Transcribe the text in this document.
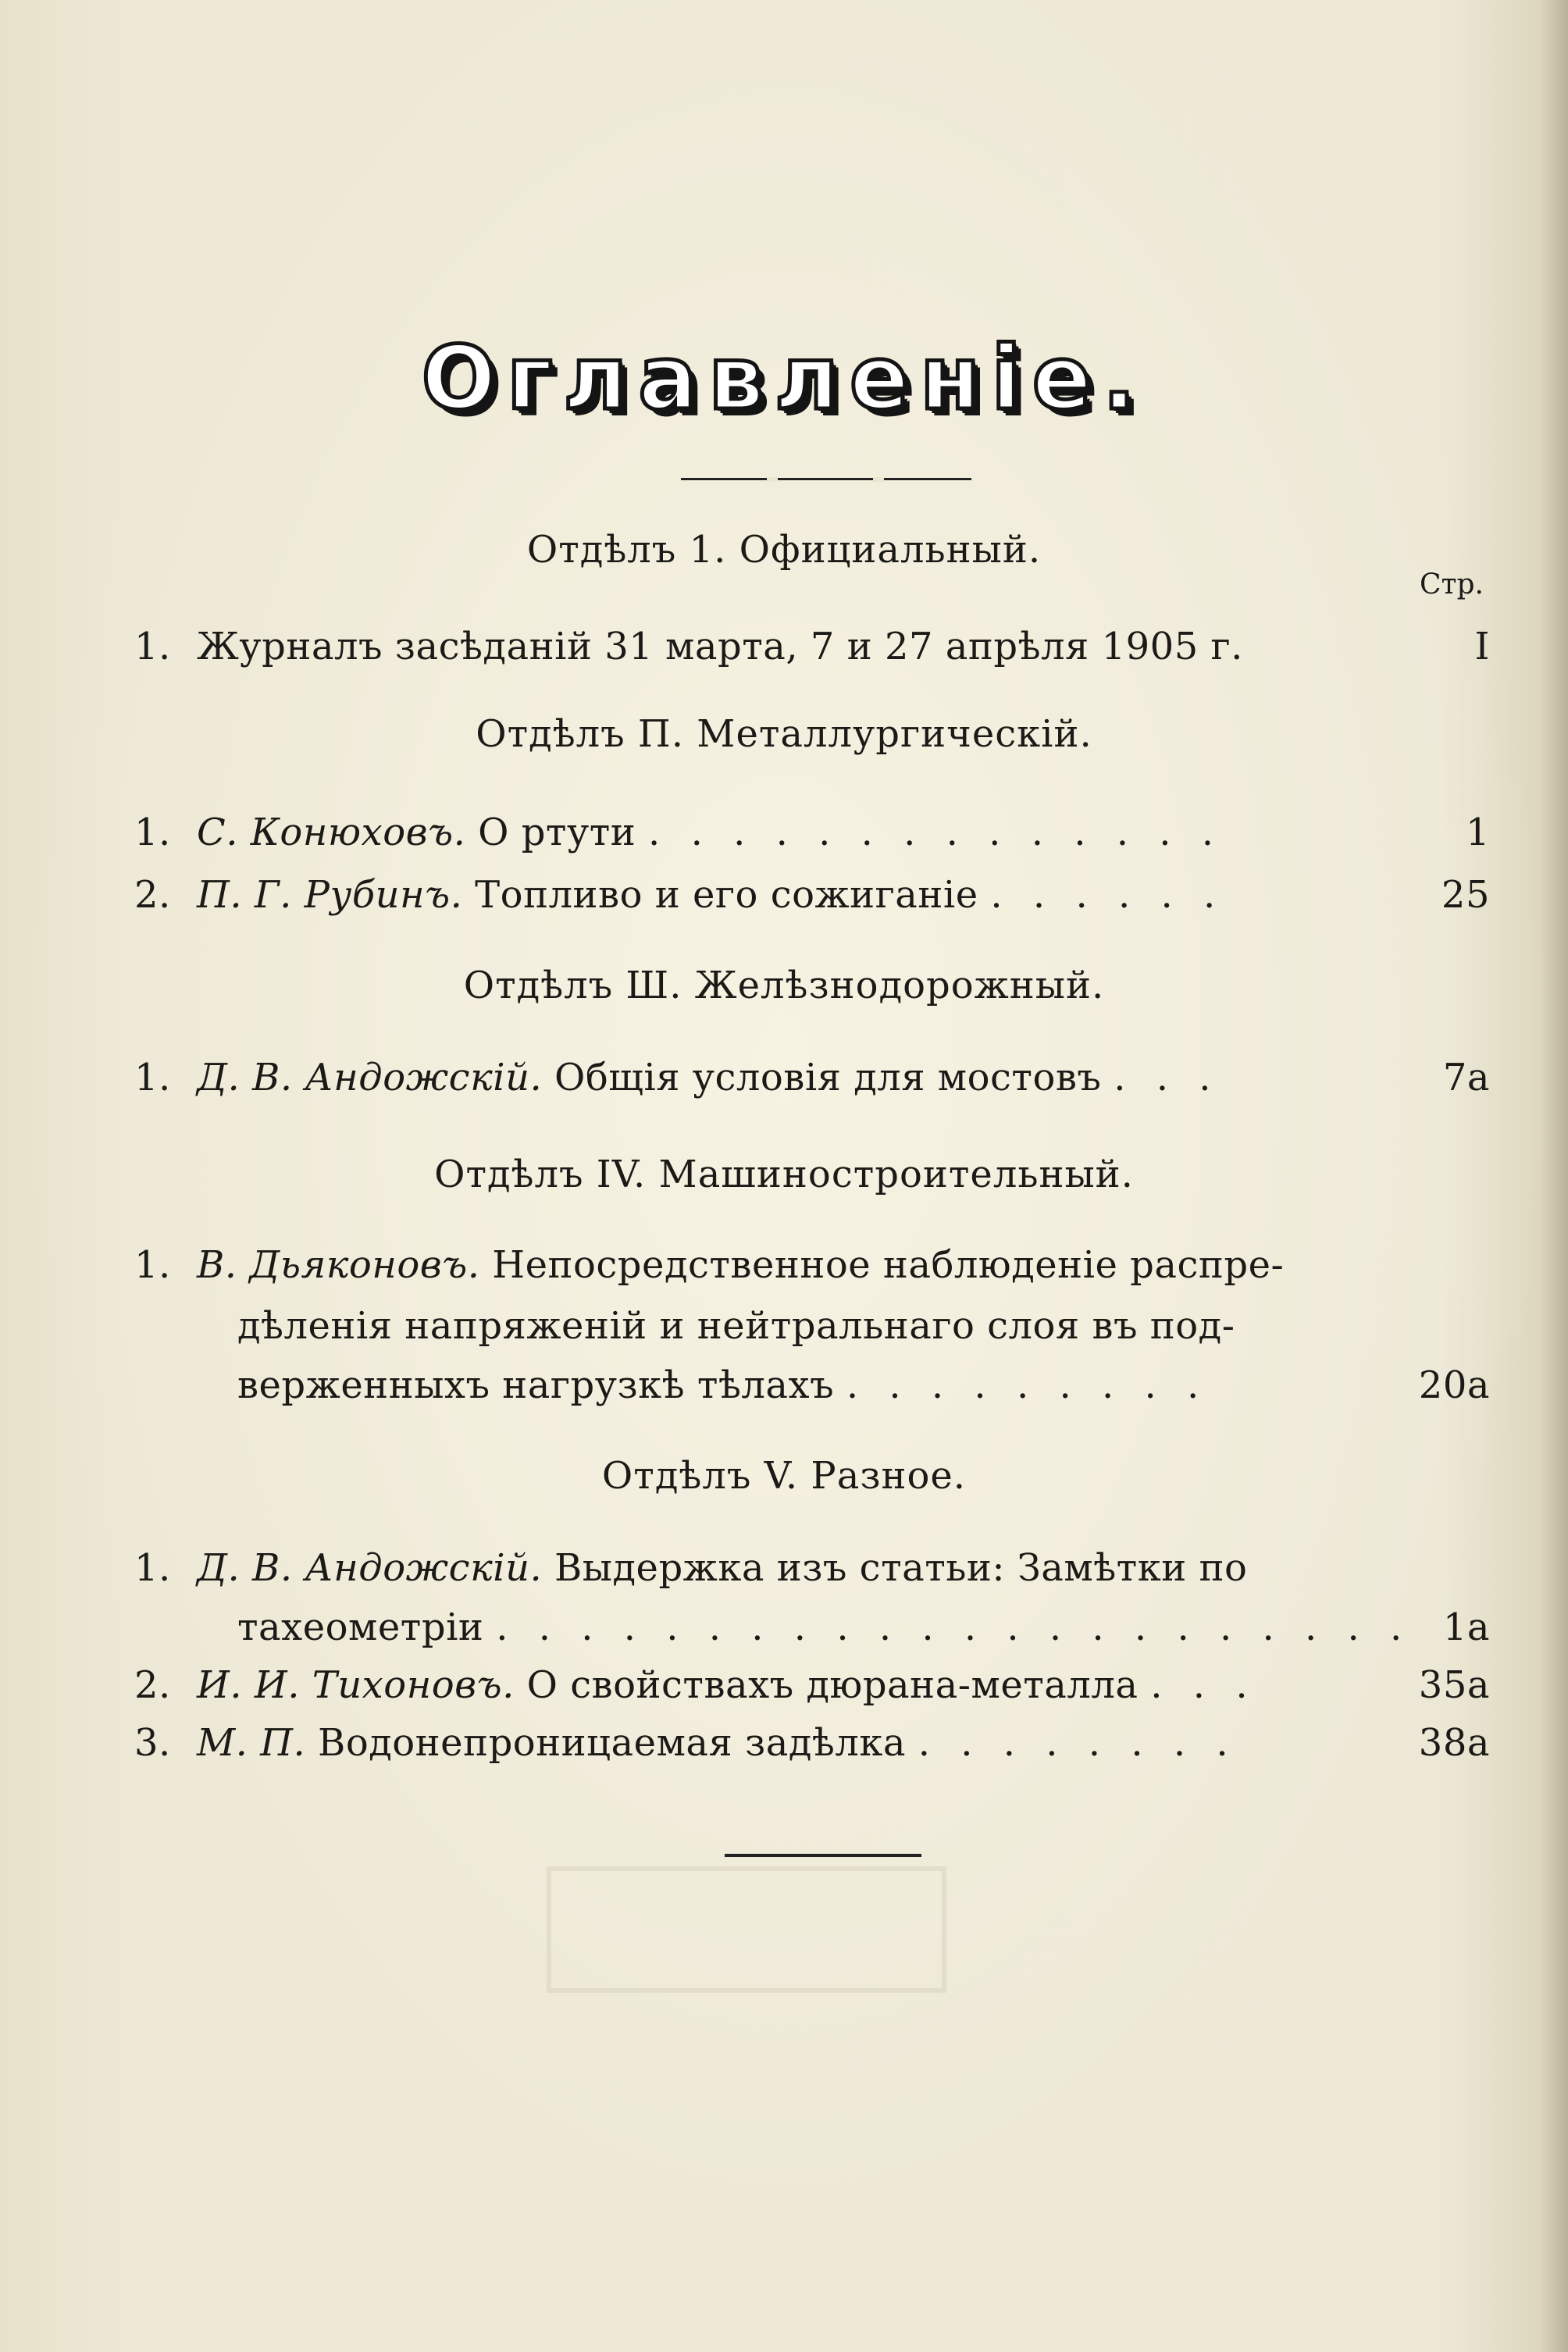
Оглавленіе.
Отдѣлъ 1. Официальный.
Стр.
1. Журналъ засѣданій 31 марта, 7 и 27 апрѣля 1905 г.	I
Отдѣлъ П. Металлургическій.
1. С. Конюховъ. О ртути . . . . . . . . . . . . . .	1
2. П. Г. Рубинъ. Топливо и его сожиганіе . . . . . .	25
Отдѣлъ Ш. Желѣзнодорожный.
1. Д. В. Андожскій. Общія условія для мостовъ . . .	7а
Отдѣлъ IV. Машиностроительный.
1. В. Дьяконовъ. Непосредственное наблюденіе распре-
дѣленія напряженій и нейтральнаго слоя въ под-
верженныхъ нагрузкѣ тѣлахъ . . . . . . . . .	20а
Отдѣлъ V. Разное.
1. Д. В. Андожскій. Выдержка изъ статьи: Замѣтки по
тахеометріи . . . . . . . . . . . . . . . . . . . . . . 1а
2. И. И. Тихоновъ. О свойствахъ дюрана-металла . . .	35а
3. М. П. Водонепроницаемая задѣлка . . . . . . . .	38а
